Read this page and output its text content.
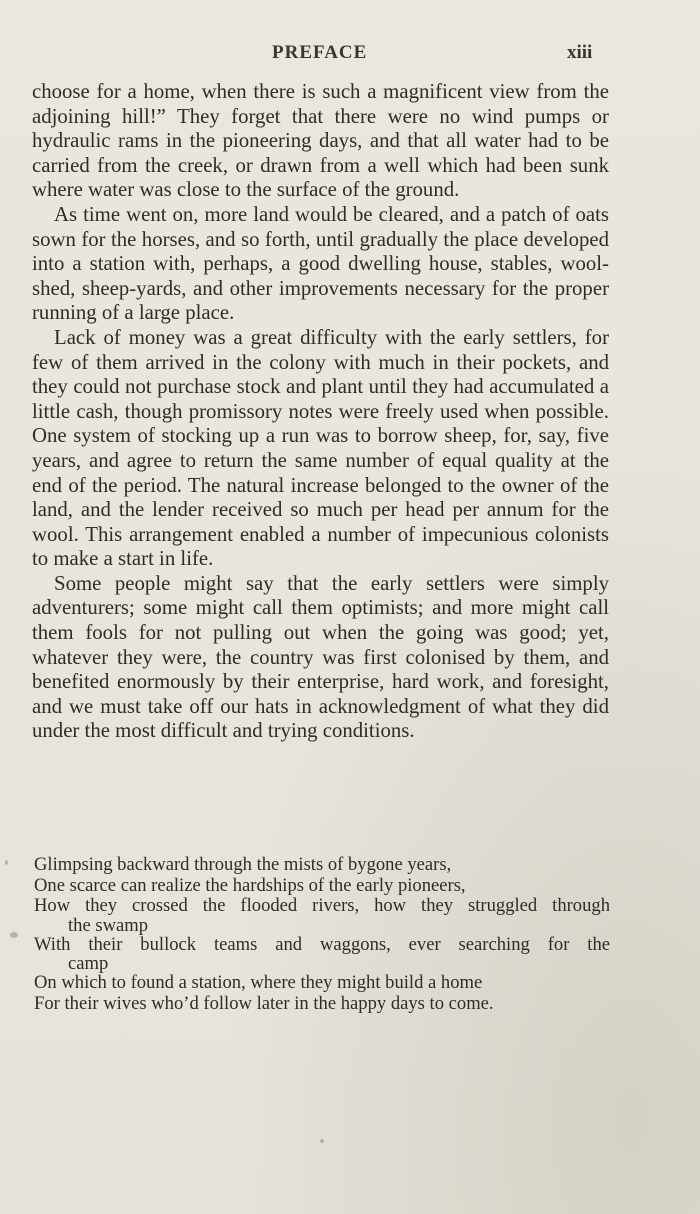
PREFACE	xiii

choose for a home, when there is such a magnificent view from the adjoining hill!” They forget that there were no wind pumps or hydraulic rams in the pioneering days, and that all water had to be carried from the creek, or drawn from a well which had been sunk where water was close to the surface of the ground.

As time went on, more land would be cleared, and a patch of oats sown for the horses, and so forth, until gradually the place developed into a station with, perhaps, a good dwelling house, stables, wool-shed, sheep-yards, and other improvements necessary for the proper running of a large place.

Lack of money was a great difficulty with the early settlers, for few of them arrived in the colony with much in their pockets, and they could not purchase stock and plant until they had accumulated a little cash, though promissory notes were freely used when possible. One system of stocking up a run was to borrow sheep, for, say, five years, and agree to return the same number of equal quality at the end of the period. The natural increase belonged to the owner of the land, and the lender received so much per head per annum for the wool. This arrangement enabled a number of impecunious colonists to make a start in life.

Some people might say that the early settlers were simply adventurers; some might call them optimists; and more might call them fools for not pulling out when the going was good; yet, whatever they were, the country was first colonised by them, and benefited enormously by their enterprise, hard work, and foresight, and we must take off our hats in acknowledgment of what they did under the most difficult and trying conditions.

Glimpsing backward through the mists of bygone years,
One scarce can realize the hardships of the early pioneers,
How they crossed the flooded rivers, how they struggled through
the swamp
With their bullock teams and waggons, ever searching for the
camp
On which to found a station, where they might build a home
For their wives who’d follow later in the happy days to come.
